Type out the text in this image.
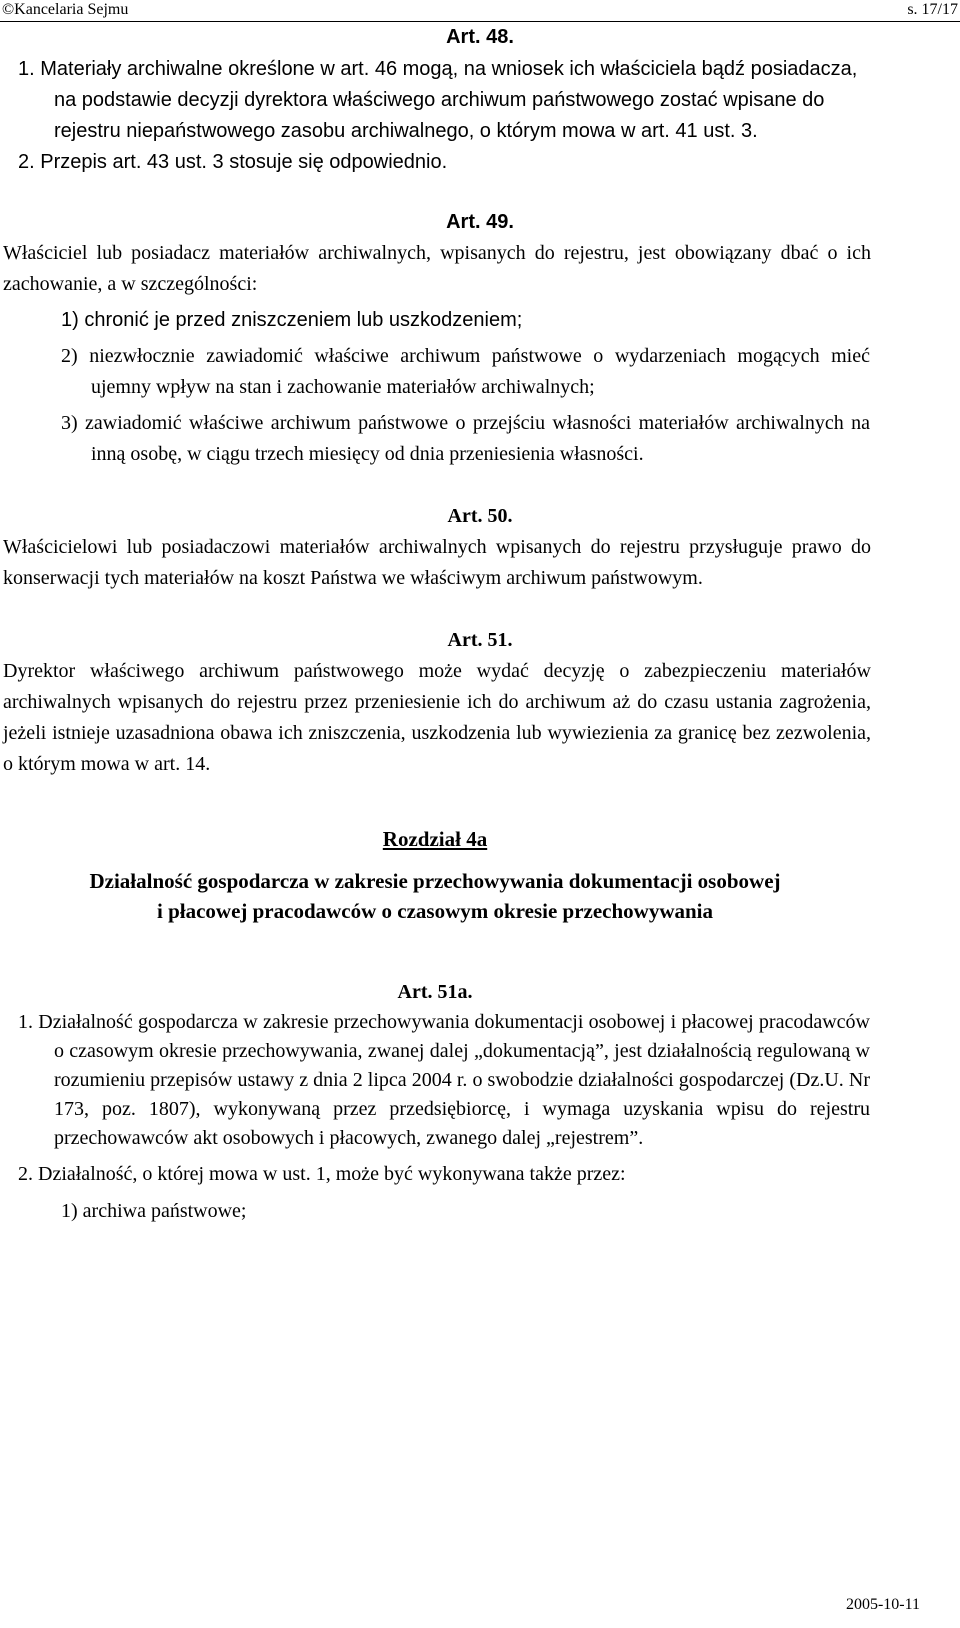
©Kancelaria Sejmu	s. 17/17
Art. 48.

1. Materiały archiwalne określone w art. 46 mogą, na wniosek ich właściciela bądź posiadacza, na podstawie decyzji dyrektora właściwego archiwum państwowego zostać wpisane do rejestru niepaństwowego zasobu archiwalnego, o którym mowa w art. 41 ust. 3.

2. Przepis art. 43 ust. 3 stosuje się odpowiednio.

Art. 49.

Właściciel lub posiadacz materiałów archiwalnych, wpisanych do rejestru, jest obowiązany dbać o ich zachowanie, a w szczególności:

1) chronić je przed zniszczeniem lub uszkodzeniem;

2) niezwłocznie zawiadomić właściwe archiwum państwowe o wydarzeniach mogących mieć ujemny wpływ na stan i zachowanie materiałów archiwalnych;

3) zawiadomić właściwe archiwum państwowe o przejściu własności materiałów archiwalnych na inną osobę, w ciągu trzech miesięcy od dnia przeniesienia własności.

Art. 50.

Właścicielowi lub posiadaczowi materiałów archiwalnych wpisanych do rejestru przysługuje prawo do konserwacji tych materiałów na koszt Państwa we właściwym archiwum państwowym.

Art. 51.

Dyrektor właściwego archiwum państwowego może wydać decyzję o zabezpieczeniu materiałów archiwalnych wpisanych do rejestru przez przeniesienie ich do archiwum aż do czasu ustania zagrożenia, jeżeli istnieje uzasadniona obawa ich zniszczenia, uszkodzenia lub wywiezienia za granicę bez zezwolenia, o którym mowa w art. 14.

Rozdział 4a
Działalność gospodarcza w zakresie przechowywania dokumentacji osobowej
i płacowej pracodawców o czasowym okresie przechowywania
Art. 51a.

1. Działalność gospodarcza w zakresie przechowywania dokumentacji osobowej i płacowej pracodawców o czasowym okresie przechowywania, zwanej dalej „dokumentacją”, jest działalnością regulowaną w rozumieniu przepisów ustawy z dnia 2 lipca 2004 r. o swobodzie działalności gospodarczej (Dz.U. Nr 173, poz. 1807), wykonywaną przez przedsiębiorcę, i wymaga uzyskania wpisu do rejestru przechowawców akt osobowych i płacowych, zwanego dalej „rejestrem”.

2. Działalność, o której mowa w ust. 1, może być wykonywana także przez:

1) archiwa państwowe;

2005-10-11
